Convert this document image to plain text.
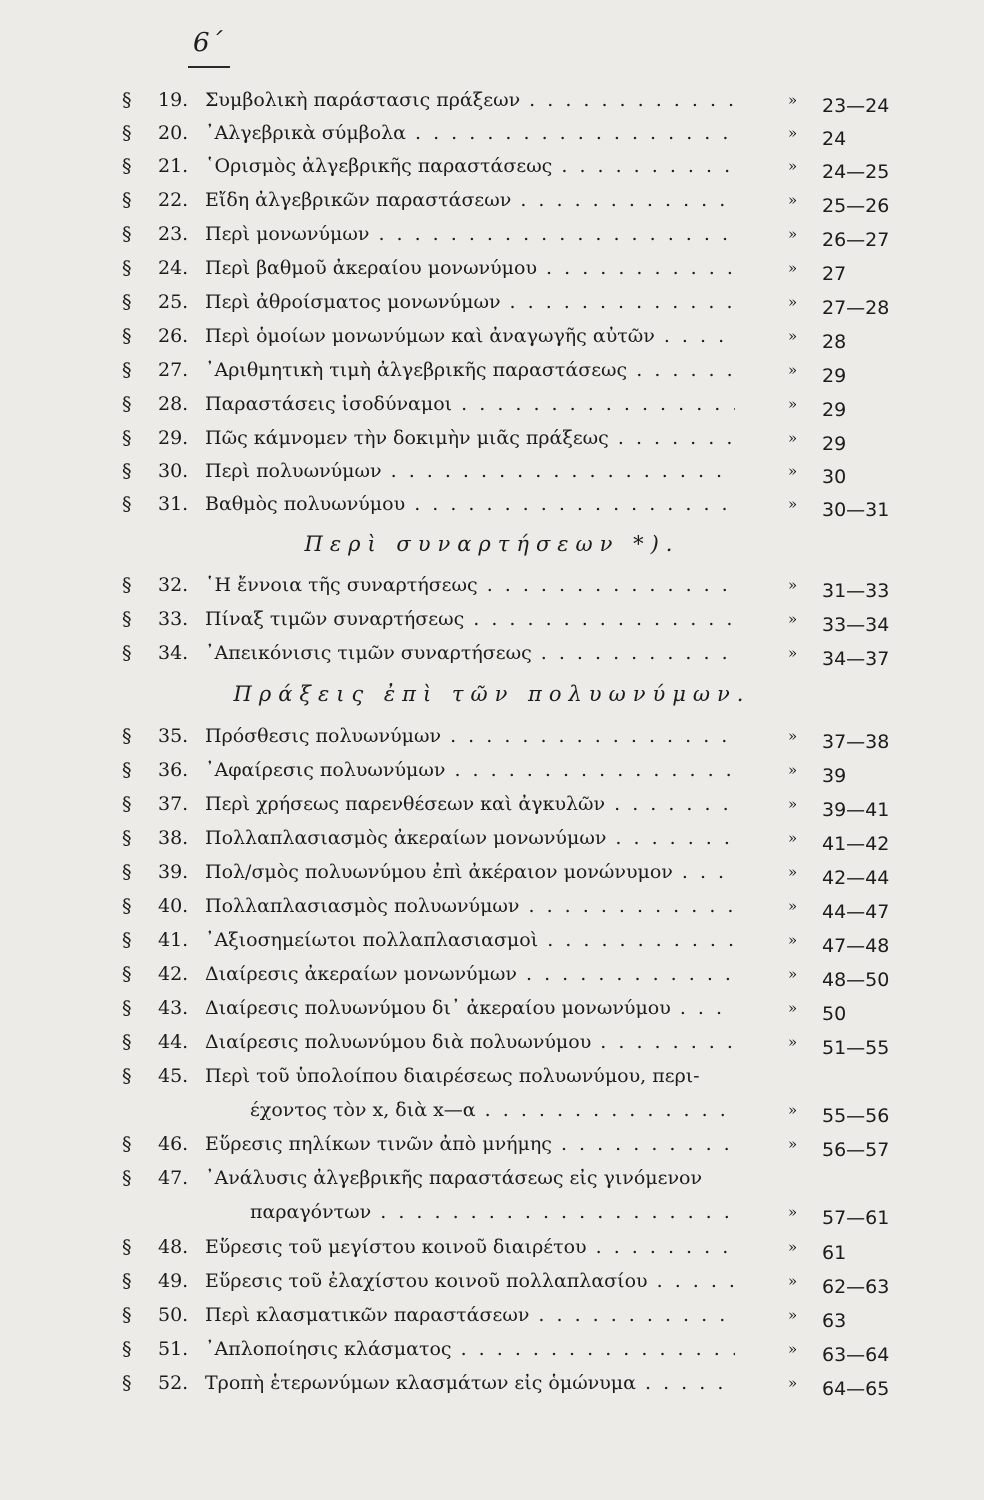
6΄
§ 19. Συμβολικὴ παράστασις πράξεων . . .	» 23—24
§ 20. ᾿Αλγεβρικὰ σύμβολα . . .	» 24
§ 21. ῾Ορισμὸς ἀλγεβρικῆς παραστάσεως . . .	» 24—25
§ 22. Εἴδη ἀλγεβρικῶν παραστάσεων . . .	» 25—26
§ 23. Περὶ μονωνύμων . . .	» 26—27
§ 24. Περὶ βαθμοῦ ἀκεραίου μονωνύμου . . .	» 27
§ 25. Περὶ ἀθροίσματος μονωνύμων . . .	» 27—28
§ 26. Περὶ ὁμοίων μονωνύμων καὶ ἀναγωγῆς αὐτῶν . . .	» 28
§ 27. ᾿Αριθμητικὴ τιμὴ ἀλγεβρικῆς παραστάσεως . . .	» 29
§ 28. Παραστάσεις ἰσοδύναμοι . . .	» 29
§ 29. Πῶς κάμνομεν τὴν δοκιμὴν μιᾶς πράξεως . . .	» 29
§ 30. Περὶ πολυωνύμων . . .	» 30
§ 31. Βαθμὸς πολυωνύμου . . .	» 30—31
Περὶ συναρτήσεων *).
§ 32. ῾Η ἔννοια τῆς συναρτήσεως . . .	» 31—33
§ 33. Πίναξ τιμῶν συναρτήσεως . . .	» 33—34
§ 34. ᾿Απεικόνισις τιμῶν συναρτήσεως . . .	» 34—37
Πράξεις ἐπὶ τῶν πολυωνύμων.
§ 35. Πρόσθεσις πολυωνύμων . . .	» 37—38
§ 36. ᾿Αφαίρεσις πολυωνύμων . . .	» 39
§ 37. Περὶ χρήσεως παρενθέσεων καὶ ἀγκυλῶν . . .	» 39—41
§ 38. Πολλαπλασιασμὸς ἀκεραίων μονωνύμων . . .	» 41—42
§ 39. Πολ/σμὸς πολυωνύμου ἐπὶ ἀκέραιον μονώνυμον . . .	» 42—44
§ 40. Πολλαπλασιασμὸς πολυωνύμων . . .	» 44—47
§ 41. ᾿Αξιοσημείωτοι πολλαπλασιασμοὶ . . .	» 47—48
§ 42. Διαίρεσις ἀκεραίων μονωνύμων . . .	» 48—50
§ 43. Διαίρεσις πολυωνύμου δι᾿ ἀκεραίου μονωνύμου . . .	» 50
§ 44. Διαίρεσις πολυωνύμου διὰ πολυωνύμου . . .	» 51—55
§ 45. Περὶ τοῦ ὑπολοίπου διαιρέσεως πολυωνύμου, περι-
έχοντος τὸν x, διὰ x—α . . .	» 55—56
§ 46. Εὕρεσις πηλίκων τινῶν ἀπὸ μνήμης . . .	» 56—57
§ 47. ᾿Ανάλυσις ἀλγεβρικῆς παραστάσεως εἰς γινόμενον
παραγόντων . . .	» 57—61
§ 48. Εὕρεσις τοῦ μεγίστου κοινοῦ διαιρέτου . . .	» 61
§ 49. Εὕρεσις τοῦ ἐλαχίστου κοινοῦ πολλαπλασίου . . .	» 62—63
§ 50. Περὶ κλασματικῶν παραστάσεων . . .	» 63
§ 51. ᾿Απλοποίησις κλάσματος . . .	» 63—64
§ 52. Τροπὴ ἑτερωνύμων κλασμάτων εἰς ὁμώνυμα . . .	» 64—65
